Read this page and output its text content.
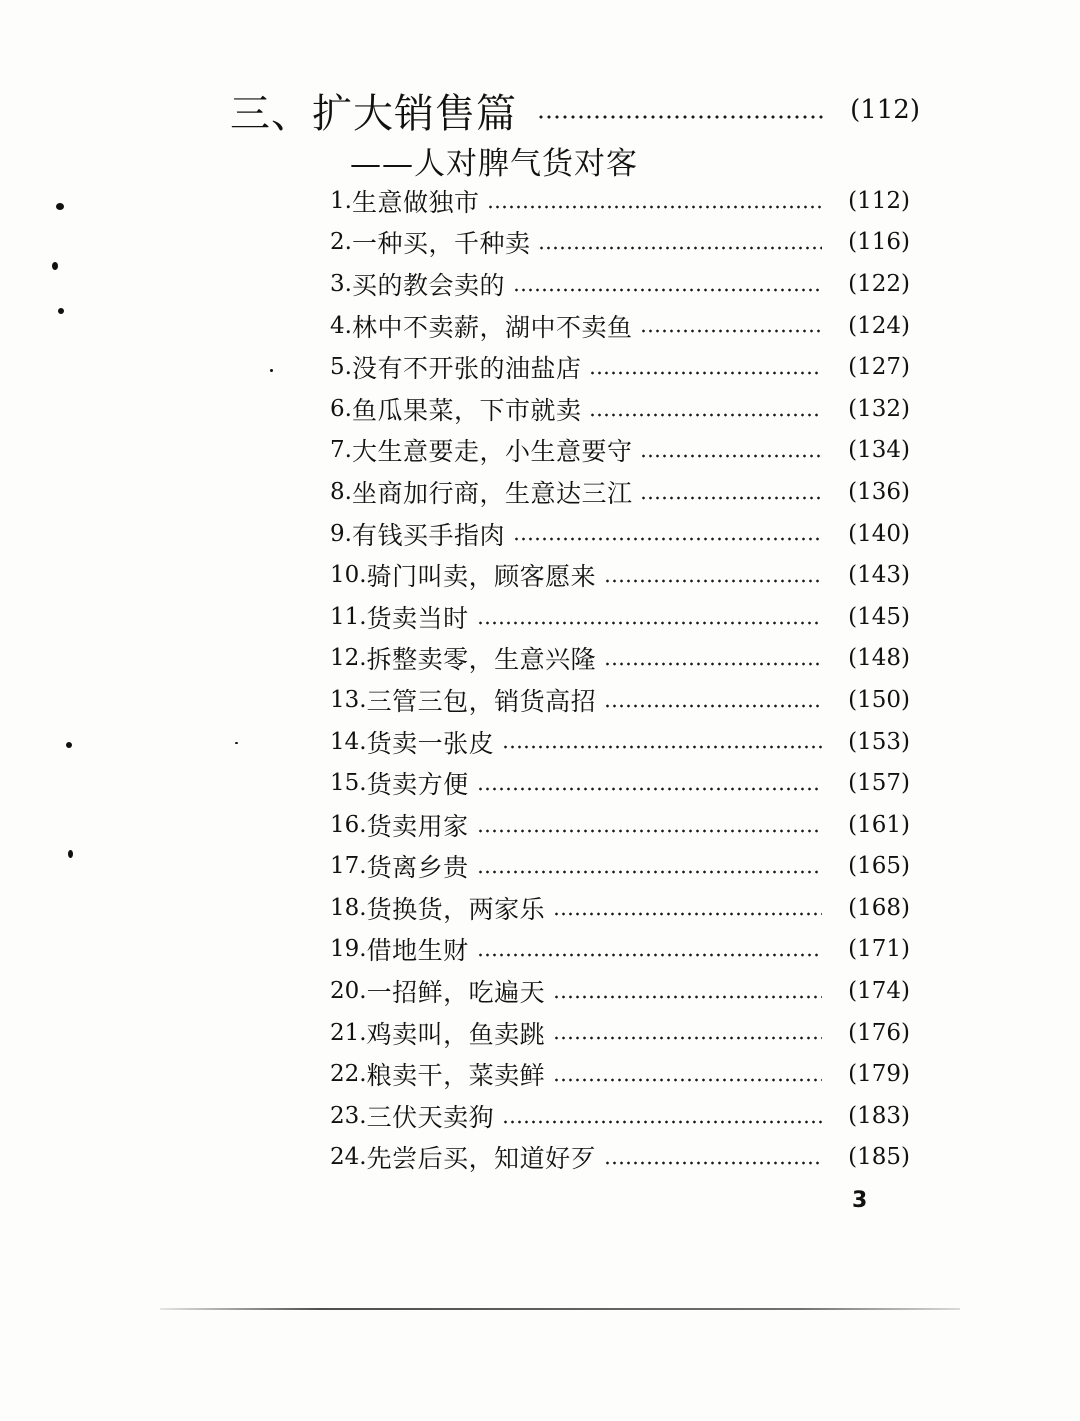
三、扩大销售篇	(112)
——人对脾气货对客
1. 生意做独市	(112)
2. 一种买，千种卖	(116)
3. 买的教会卖的	(122)
4. 林中不卖薪，湖中不卖鱼	(124)
5. 没有不开张的油盐店	(127)
6. 鱼瓜果菜，下市就卖	(132)
7. 大生意要走，小生意要守	(134)
8. 坐商加行商，生意达三江	(136)
9. 有钱买手指肉	(140)
10. 骑门叫卖，顾客愿来	(143)
11. 货卖当时	(145)
12. 拆整卖零，生意兴隆	(148)
13. 三管三包，销货高招	(150)
14. 货卖一张皮	(153)
15. 货卖方便	(157)
16. 货卖用家	(161)
17. 货离乡贵	(165)
18. 货换货，两家乐	(168)
19. 借地生财	(171)
20. 一招鲜，吃遍天	(174)
21. 鸡卖叫，鱼卖跳	(176)
22. 粮卖干，菜卖鲜	(179)
23. 三伏天卖狗	(183)
24. 先尝后买，知道好歹	(185)
3
